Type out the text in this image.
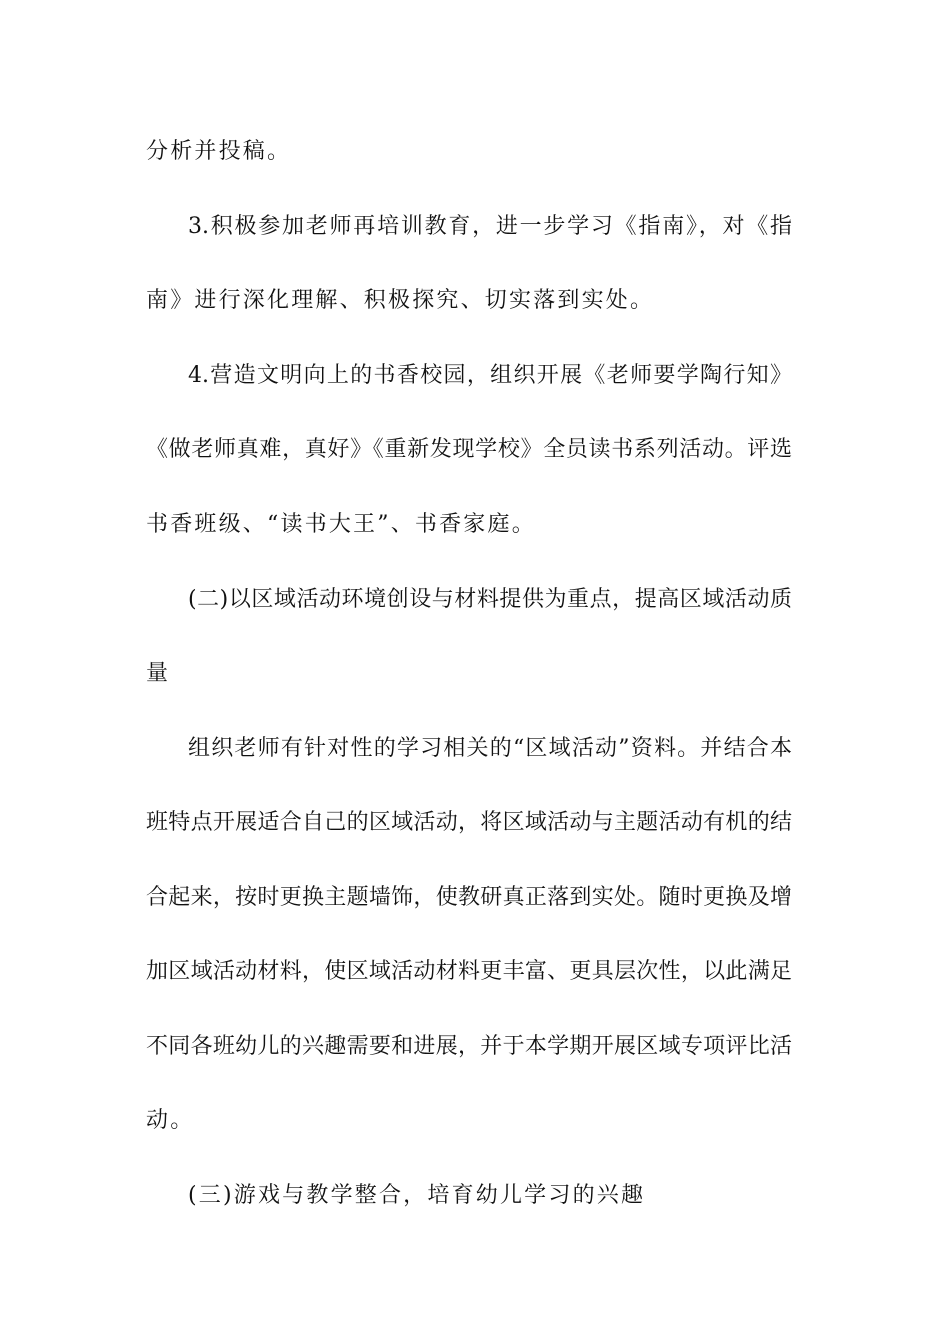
分析并投稿。
3.积极参加老师再培训教育，进一步学习《指南》，对《指
南》进行深化理解、积极探究、切实落到实处。
4.营造文明向上的书香校园，组织开展《老师要学陶行知》
《做老师真难，真好》《重新发现学校》全员读书系列活动。评选
书香班级、“读书大王”、书香家庭。
(二)以区域活动环境创设与材料提供为重点，提高区域活动质
量
组织老师有针对性的学习相关的“区域活动”资料。并结合本
班特点开展适合自己的区域活动，将区域活动与主题活动有机的结
合起来，按时更换主题墙饰，使教研真正落到实处。随时更换及增
加区域活动材料，使区域活动材料更丰富、更具层次性，以此满足
不同各班幼儿的兴趣需要和进展，并于本学期开展区域专项评比活
动。
(三)游戏与教学整合，培育幼儿学习的兴趣
